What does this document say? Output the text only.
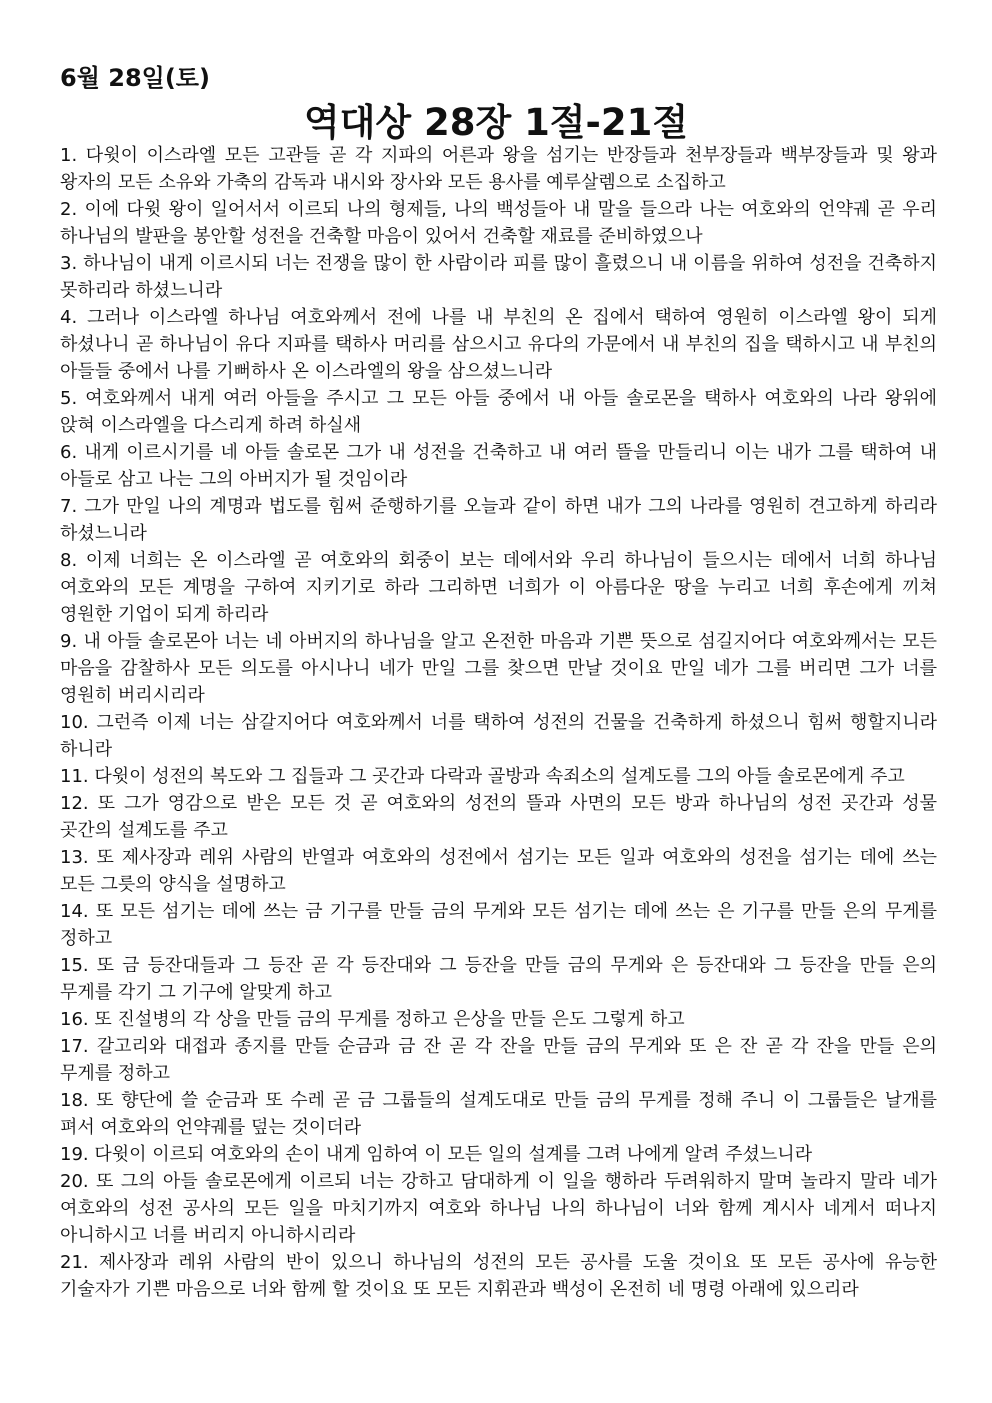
6월 28일(토)
역대상 28장 1절-21절

1. 다윗이 이스라엘 모든 고관들 곧 각 지파의 어른과 왕을 섬기는 반장들과 천부장들과 백부장들과 및 왕과 왕자의 모든 소유와 가축의 감독과 내시와 장사와 모든 용사를 예루살렘으로 소집하고

2. 이에 다윗 왕이 일어서서 이르되 나의 형제들, 나의 백성들아 내 말을 들으라 나는 여호와의 언약궤 곧 우리 하나님의 발판을 봉안할 성전을 건축할 마음이 있어서 건축할 재료를 준비하였으나

3. 하나님이 내게 이르시되 너는 전쟁을 많이 한 사람이라 피를 많이 흘렸으니 내 이름을 위하여 성전을 건축하지 못하리라 하셨느니라

4. 그러나 이스라엘 하나님 여호와께서 전에 나를 내 부친의 온 집에서 택하여 영원히 이스라엘 왕이 되게 하셨나니 곧 하나님이 유다 지파를 택하사 머리를 삼으시고 유다의 가문에서 내 부친의 집을 택하시고 내 부친의 아들들 중에서 나를 기뻐하사 온 이스라엘의 왕을 삼으셨느니라

5. 여호와께서 내게 여러 아들을 주시고 그 모든 아들 중에서 내 아들 솔로몬을 택하사 여호와의 나라 왕위에 앉혀 이스라엘을 다스리게 하려 하실새

6. 내게 이르시기를 네 아들 솔로몬 그가 내 성전을 건축하고 내 여러 뜰을 만들리니 이는 내가 그를 택하여 내 아들로 삼고 나는 그의 아버지가 될 것임이라

7. 그가 만일 나의 계명과 법도를 힘써 준행하기를 오늘과 같이 하면 내가 그의 나라를 영원히 견고하게 하리라 하셨느니라

8. 이제 너희는 온 이스라엘 곧 여호와의 회중이 보는 데에서와 우리 하나님이 들으시는 데에서 너희 하나님 여호와의 모든 계명을 구하여 지키기로 하라 그리하면 너희가 이 아름다운 땅을 누리고 너희 후손에게 끼쳐 영원한 기업이 되게 하리라

9. 내 아들 솔로몬아 너는 네 아버지의 하나님을 알고 온전한 마음과 기쁜 뜻으로 섬길지어다 여호와께서는 모든 마음을 감찰하사 모든 의도를 아시나니 네가 만일 그를 찾으면 만날 것이요 만일 네가 그를 버리면 그가 너를 영원히 버리시리라

10. 그런즉 이제 너는 삼갈지어다 여호와께서 너를 택하여 성전의 건물을 건축하게 하셨으니 힘써 행할지니라 하니라

11. 다윗이 성전의 복도와 그 집들과 그 곳간과 다락과 골방과 속죄소의 설계도를 그의 아들 솔로몬에게 주고

12. 또 그가 영감으로 받은 모든 것 곧 여호와의 성전의 뜰과 사면의 모든 방과 하나님의 성전 곳간과 성물 곳간의 설계도를 주고

13. 또 제사장과 레위 사람의 반열과 여호와의 성전에서 섬기는 모든 일과 여호와의 성전을 섬기는 데에 쓰는 모든 그릇의 양식을 설명하고

14. 또 모든 섬기는 데에 쓰는 금 기구를 만들 금의 무게와 모든 섬기는 데에 쓰는 은 기구를 만들 은의 무게를 정하고

15. 또 금 등잔대들과 그 등잔 곧 각 등잔대와 그 등잔을 만들 금의 무게와 은 등잔대와 그 등잔을 만들 은의 무게를 각기 그 기구에 알맞게 하고

16. 또 진설병의 각 상을 만들 금의 무게를 정하고 은상을 만들 은도 그렇게 하고

17. 갈고리와 대접과 종지를 만들 순금과 금 잔 곧 각 잔을 만들 금의 무게와 또 은 잔 곧 각 잔을 만들 은의 무게를 정하고

18. 또 향단에 쓸 순금과 또 수레 곧 금 그룹들의 설계도대로 만들 금의 무게를 정해 주니 이 그룹들은 날개를 펴서 여호와의 언약궤를 덮는 것이더라

19. 다윗이 이르되 여호와의 손이 내게 임하여 이 모든 일의 설계를 그려 나에게 알려 주셨느니라

20. 또 그의 아들 솔로몬에게 이르되 너는 강하고 담대하게 이 일을 행하라 두려워하지 말며 놀라지 말라 네가 여호와의 성전 공사의 모든 일을 마치기까지 여호와 하나님 나의 하나님이 너와 함께 계시사 네게서 떠나지 아니하시고 너를 버리지 아니하시리라

21. 제사장과 레위 사람의 반이 있으니 하나님의 성전의 모든 공사를 도울 것이요 또 모든 공사에 유능한 기술자가 기쁜 마음으로 너와 함께 할 것이요 또 모든 지휘관과 백성이 온전히 네 명령 아래에 있으리라
